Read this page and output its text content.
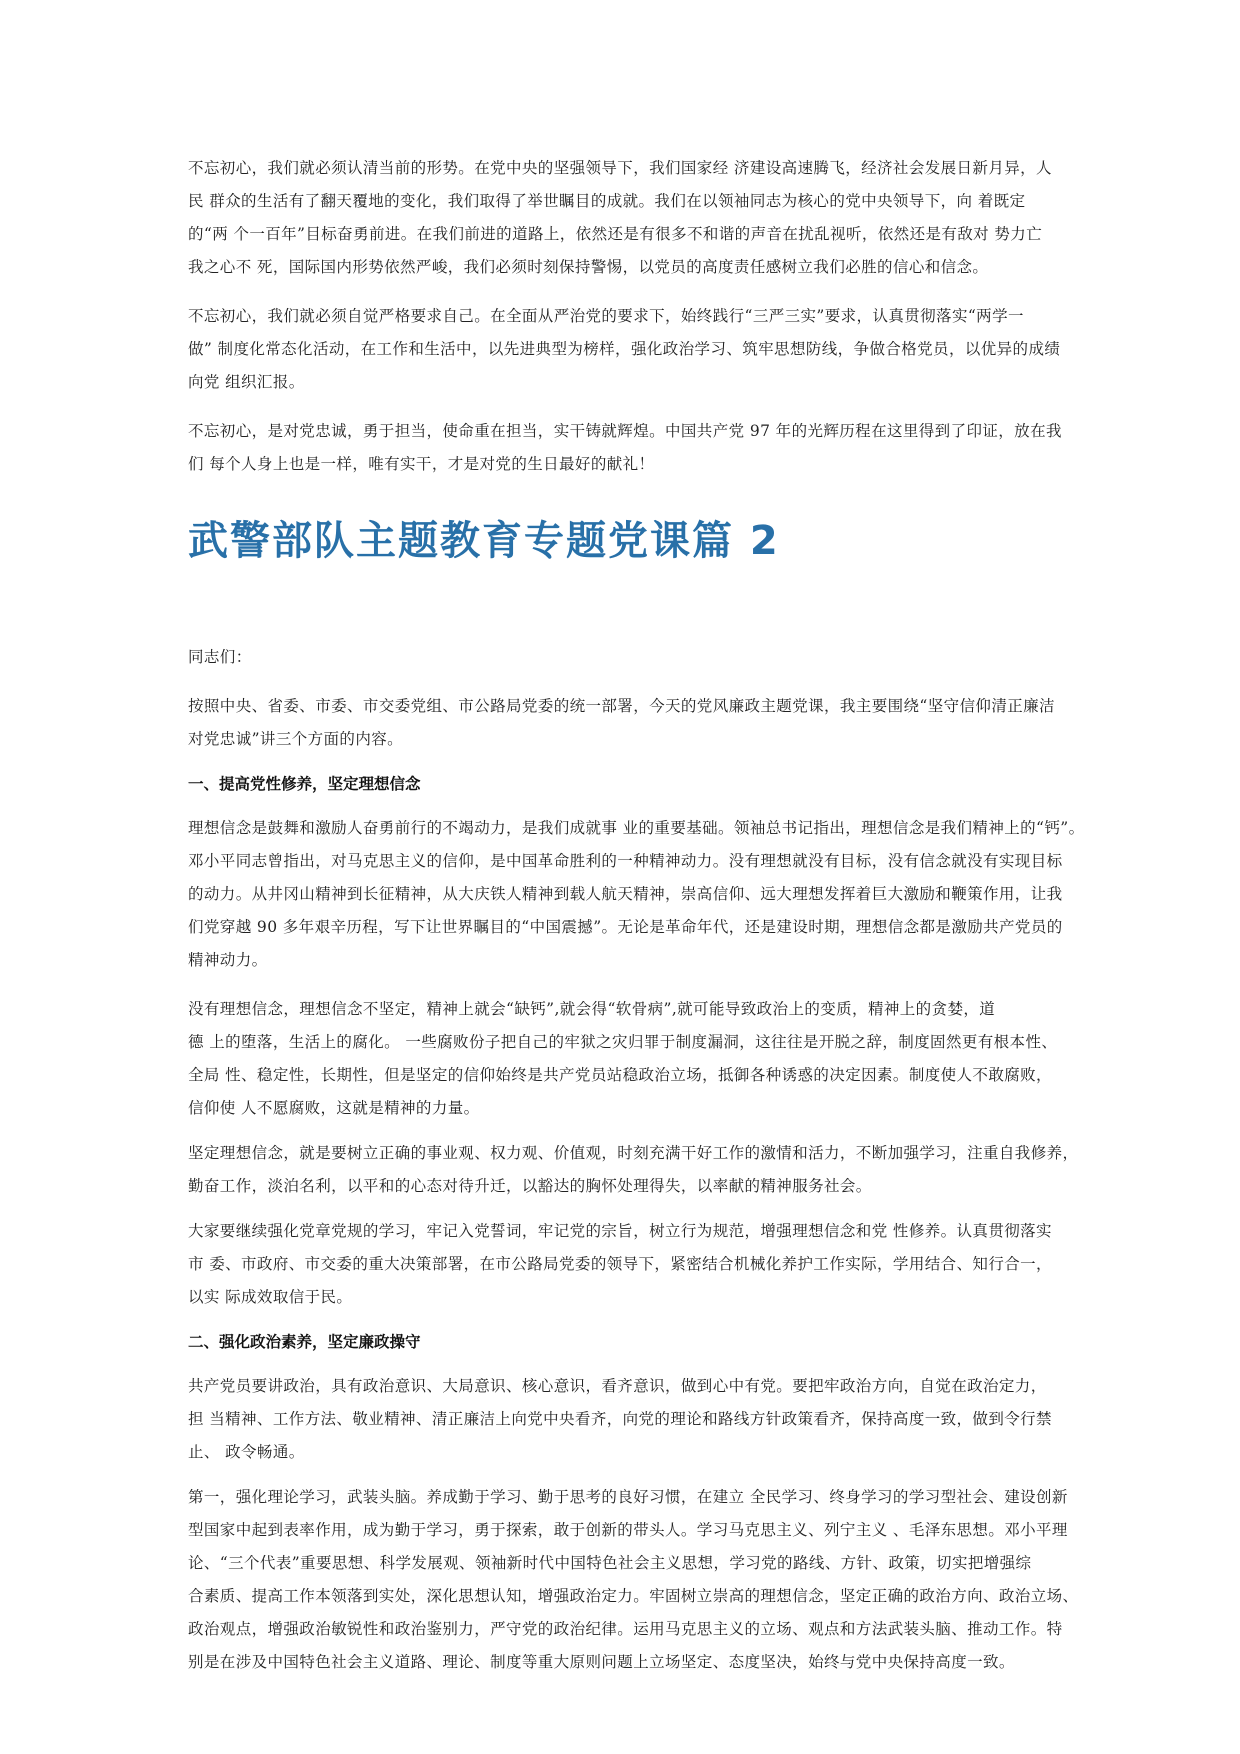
不忘初心，我们就必须认清当前的形势。在党中央的坚强领导下，我们国家经 济建设高速腾飞，经济社会发展日新月异，人
民 群众的生活有了翻天覆地的变化，我们取得了举世瞩目的成就。我们在以领袖同志为核心的党中央领导下，向 着既定
的“两 个一百年”目标奋勇前进。在我们前进的道路上，依然还是有很多不和谐的声音在扰乱视听，依然还是有敌对 势力亡
我之心不 死，国际国内形势依然严峻，我们必须时刻保持警惕，以党员的高度责任感树立我们必胜的信心和信念。

不忘初心，我们就必须自觉严格要求自己。在全面从严治党的要求下，始终践行“三严三实”要求，认真贯彻落实“两学一
做” 制度化常态化活动，在工作和生活中，以先进典型为榜样，强化政治学习、筑牢思想防线，争做合格党员，以优异的成绩
向党 组织汇报。

不忘初心，是对党忠诚，勇于担当，使命重在担当，实干铸就辉煌。中国共产党 97 年的光辉历程在这里得到了印证，放在我
们 每个人身上也是一样，唯有实干，才是对党的生日最好的献礼！

武警部队主题教育专题党课篇 2

同志们：

按照中央、省委、市委、市交委党组、市公路局党委的统一部署，今天的党风廉政主题党课，我主要围绕“坚守信仰清正廉洁
对党忠诚”讲三个方面的内容。

一、提高党性修养，坚定理想信念

理想信念是鼓舞和激励人奋勇前行的不竭动力，是我们成就事 业的重要基础。领袖总书记指出，理想信念是我们精神上的“钙”。
邓小平同志曾指出，对马克思主义的信仰，是中国革命胜利的一种精神动力。没有理想就没有目标，没有信念就没有实现目标
的动力。从井冈山精神到长征精神，从大庆铁人精神到载人航天精神，崇高信仰、远大理想发挥着巨大激励和鞭策作用，让我
们党穿越 90 多年艰辛历程，写下让世界瞩目的“中国震撼”。无论是革命年代，还是建设时期，理想信念都是激励共产党员的
精神动力。

没有理想信念，理想信念不坚定，精神上就会“缺钙”,就会得“软骨病”,就可能导致政治上的变质，精神上的贪婪，道
德 上的堕落，生活上的腐化。 一些腐败份子把自己的牢狱之灾归罪于制度漏洞，这往往是开脱之辞，制度固然更有根本性、
全局 性、稳定性，长期性，但是坚定的信仰始终是共产党员站稳政治立场，抵御各种诱惑的决定因素。制度使人不敢腐败，
信仰使 人不愿腐败，这就是精神的力量。

坚定理想信念，就是要树立正确的事业观、权力观、价值观，时刻充满干好工作的激情和活力，不断加强学习，注重自我修养，
勤奋工作，淡泊名利，以平和的心态对待升迁，以豁达的胸怀处理得失，以率献的精神服务社会。

大家要继续强化党章党规的学习，牢记入党誓词，牢记党的宗旨，树立行为规范，增强理想信念和党 性修养。认真贯彻落实
市 委、市政府、市交委的重大决策部署，在市公路局党委的领导下，紧密结合机械化养护工作实际，学用结合、知行合一，
以实 际成效取信于民。

二、强化政治素养，坚定廉政操守

共产党员要讲政治，具有政治意识、大局意识、核心意识，看齐意识，做到心中有党。要把牢政治方向，自觉在政治定力，
担 当精神、工作方法、敬业精神、清正廉洁上向党中央看齐，向党的理论和路线方针政策看齐，保持高度一致，做到令行禁
止、 政令畅通。

第一，强化理论学习，武装头脑。养成勤于学习、勤于思考的良好习惯，在建立 全民学习、终身学习的学习型社会、建设创新
型国家中起到表率作用，成为勤于学习，勇于探索，敢于创新的带头人。学习马克思主义、列宁主义 、毛泽东思想。邓小平理
论、“三个代表”重要思想、科学发展观、领袖新时代中国特色社会主义思想，学习党的路线、方针、政策，切实把增强综
合素质、提高工作本领落到实处，深化思想认知，增强政治定力。牢固树立崇高的理想信念，坚定正确的政治方向、政治立场、
政治观点，增强政治敏锐性和政治鉴别力，严守党的政治纪律。运用马克思主义的立场、观点和方法武装头脑、推动工作。特
别是在涉及中国特色社会主义道路、理论、制度等重大原则问题上立场坚定、态度坚决，始终与党中央保持高度一致。
